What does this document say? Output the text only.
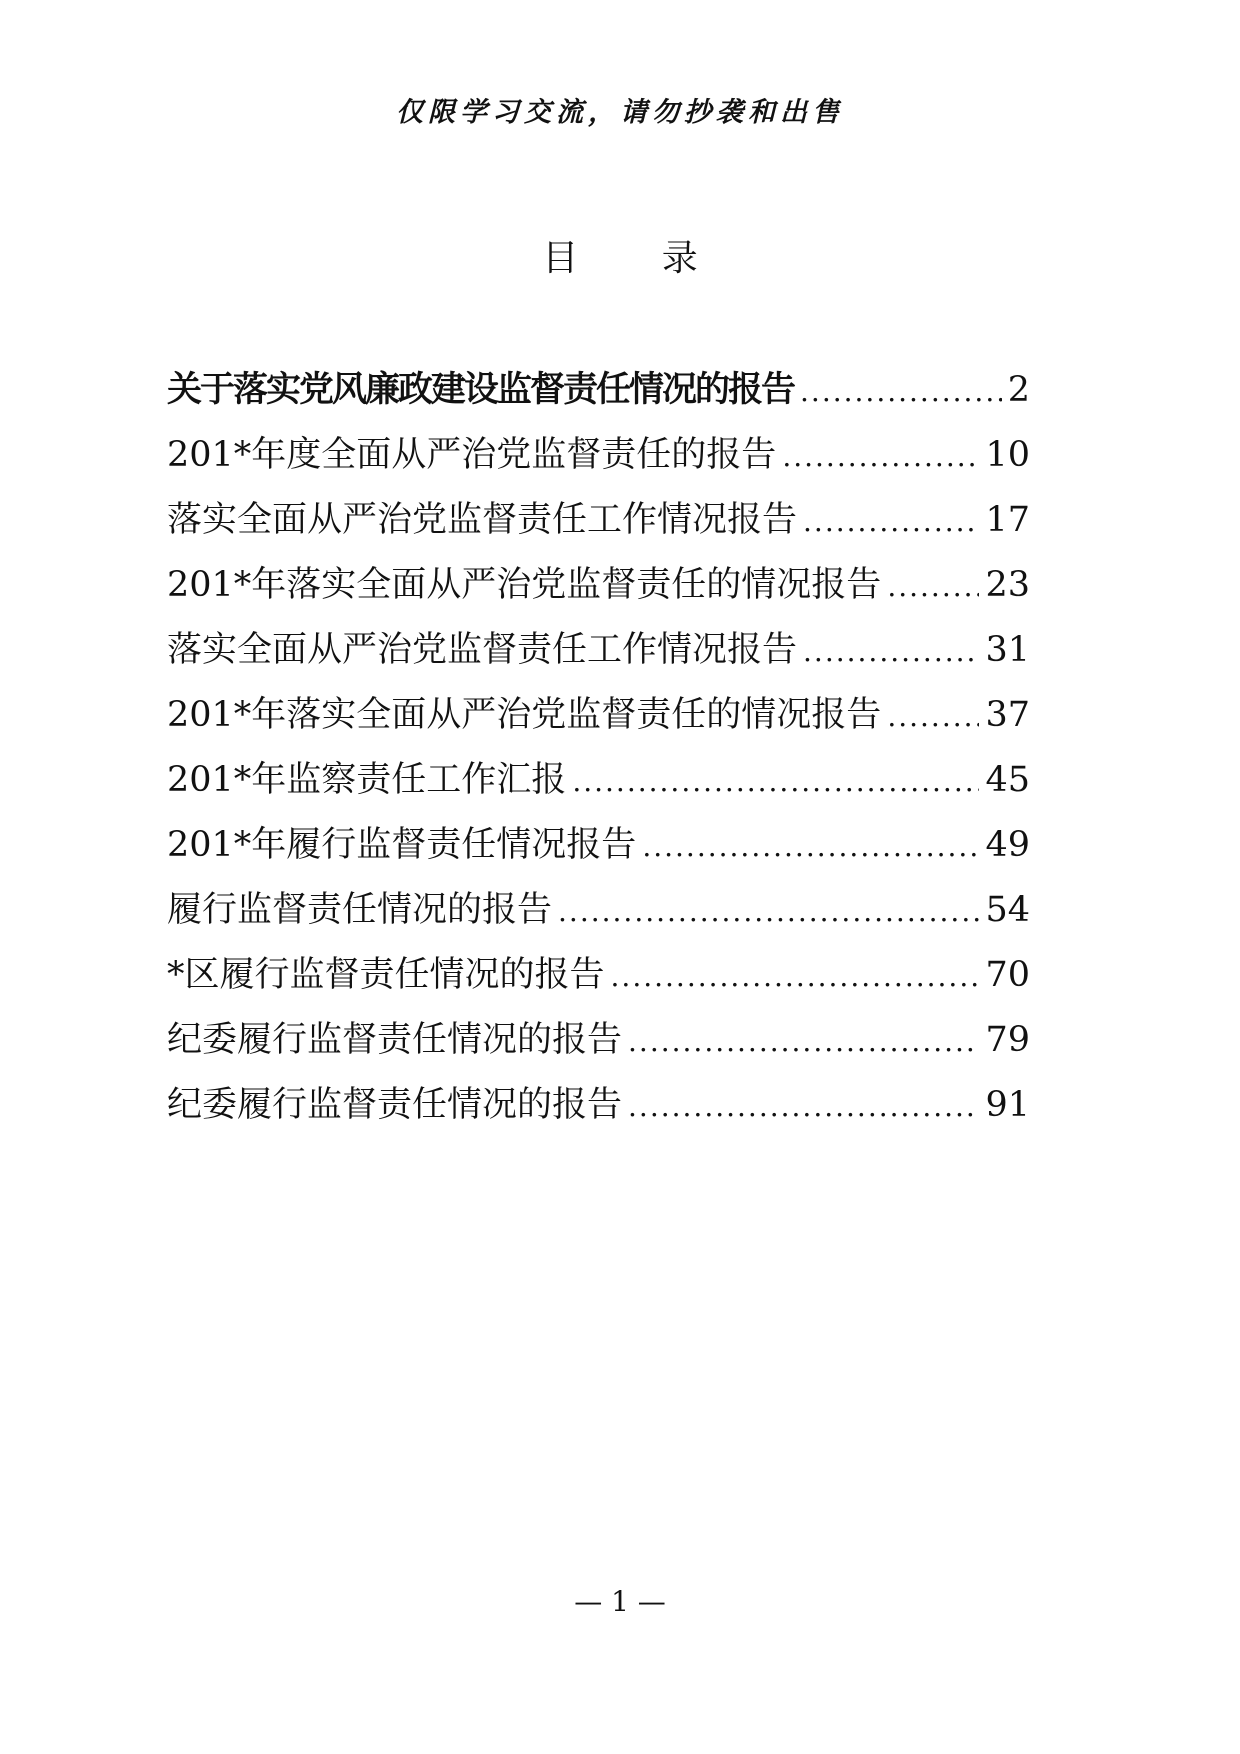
仅限学习交流，请勿抄袭和出售
目 录
关于落实党风廉政建设监督责任情况的报告 .....	2
201*年度全面从严治党监督责任的报告 .....	10
落实全面从严治党监督责任工作情况报告 .....	17
201*年落实全面从严治党监督责任的情况报告 .....	23
落实全面从严治党监督责任工作情况报告 .....	31
201*年落实全面从严治党监督责任的情况报告 .....	37
201*年监察责任工作汇报 .....	45
201*年履行监督责任情况报告 .....	49
履行监督责任情况的报告 .....	54
*区履行监督责任情况的报告 .....	70
纪委履行监督责任情况的报告 .....	79
纪委履行监督责任情况的报告 .....	91
— 1 —
